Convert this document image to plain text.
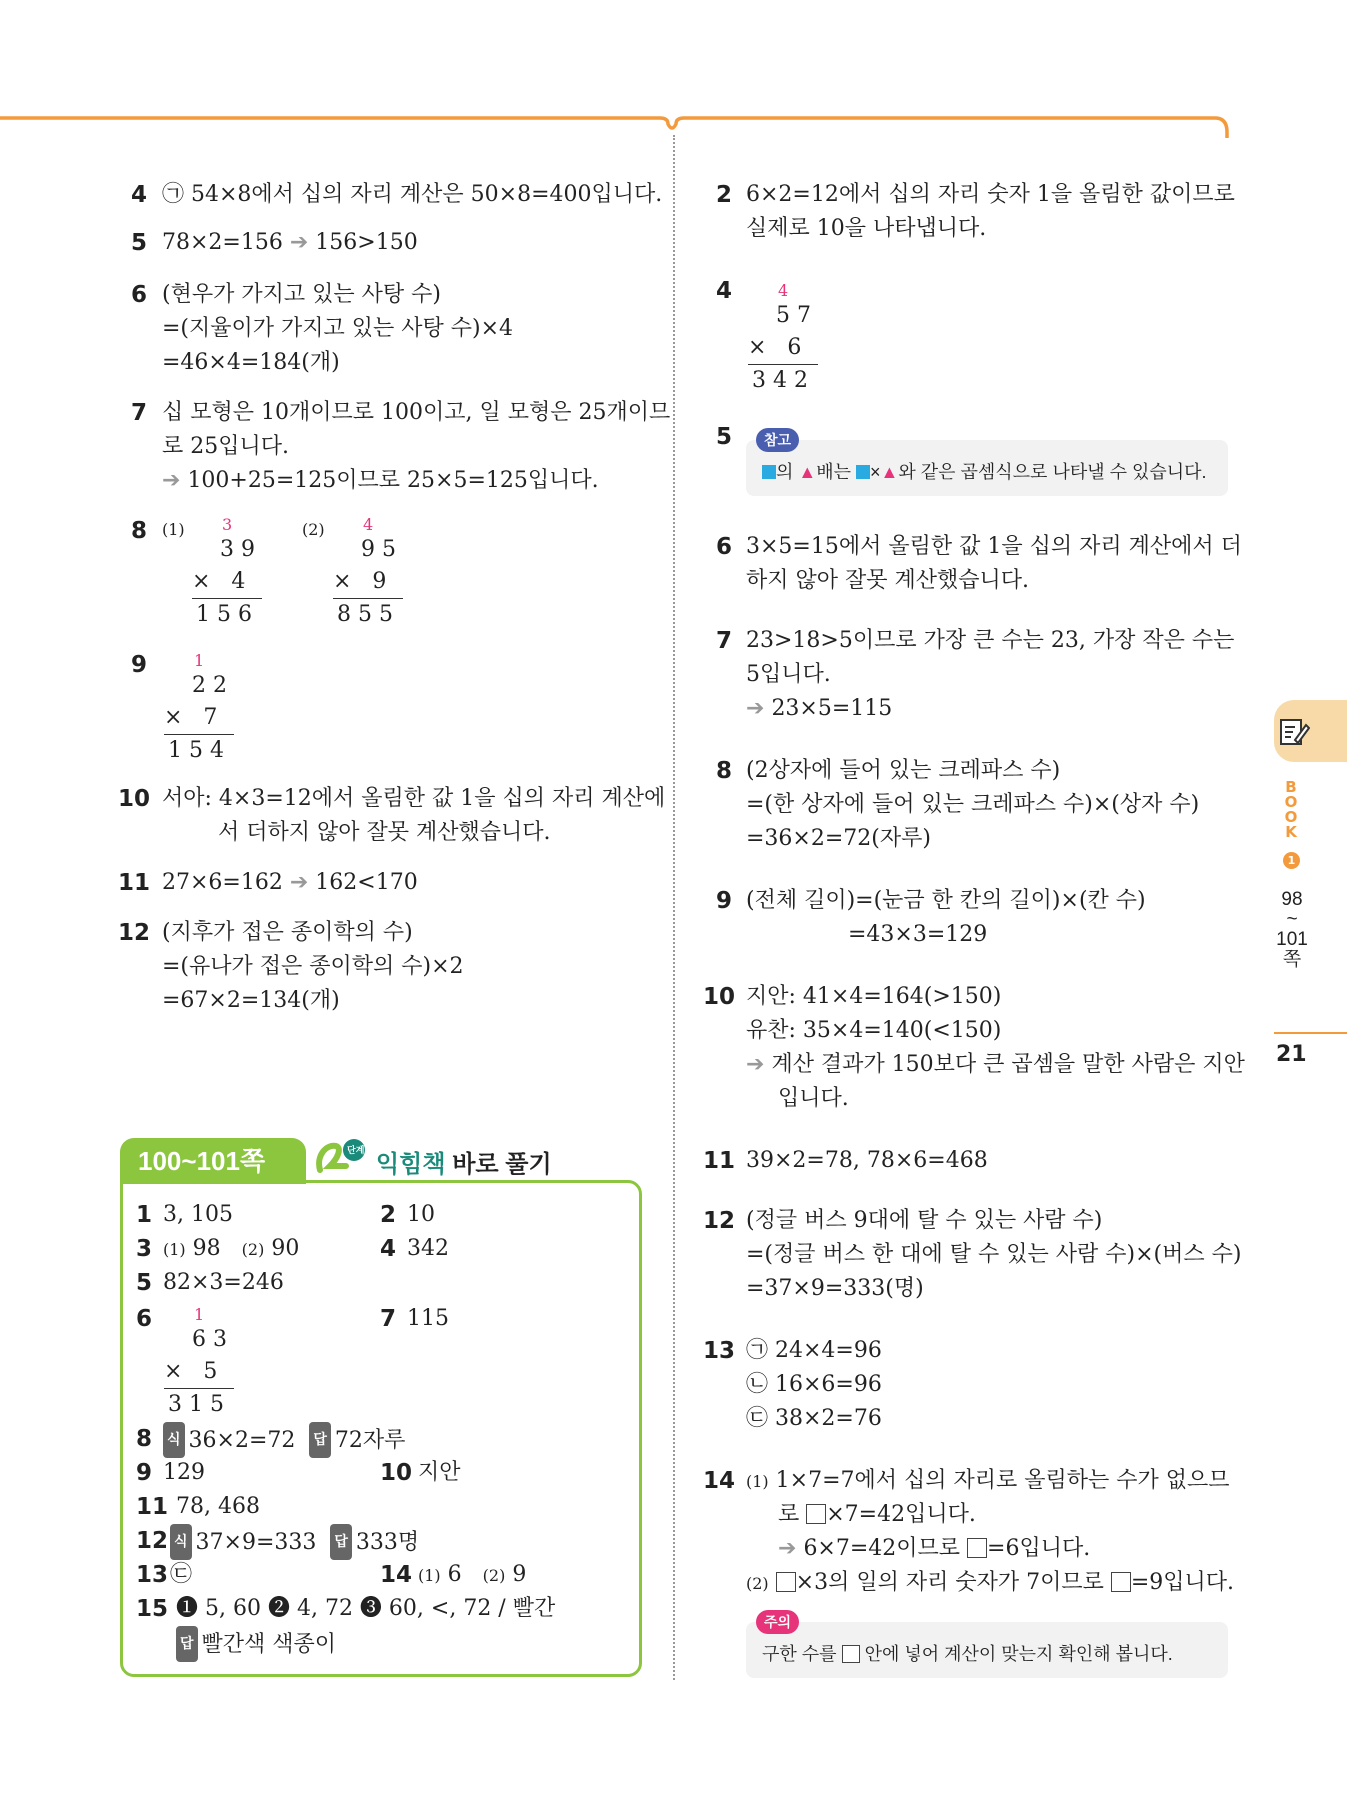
4 ㉠ 54×8에서 십의 자리 계산은 50×8=400입니다.
5 78×2=156 ➔ 156>150
6 (현우가 가지고 있는 사탕 수)
=(지율이가 가지고 있는 사탕 수)×4
=46×4=184(개)
7 십 모형은 10개이므로 100이고, 일 모형은 25개이므
로 25입니다.
➔ 100+25=125이므로 25×5=125입니다.
8 (1)	3
3 9
×   4
1 5 6
(2)	4
9 5
×   9
8 5 5
9	1
2 2
×   7
1 5 4
10 서아: 4×3=12에서 올림한 값 1을 십의 자리 계산에
서 더하지 않아 잘못 계산했습니다.
11 27×6=162 ➔ 162<170
12 (지후가 접은 종이학의 수)
=(유나가 접은 종이학의 수)×2
=67×2=134(개)
100~101쪽	단계
익힘책 바로 풀기
1 3, 105	2 10
3 (1) 98 (2) 90	4 342
5 82×3=246
6	1
6 3
×   5
3 1 5
7 115
8 식 36×2=72 답 72자루
9 129	10 지안
11 78, 468
12 식 37×9=333 답 333명
13 ㉢	14 (1) 6 (2) 9
15 ❶ 5, 60 ❷ 4, 72 ❸ 60, <, 72 / 빨간
답 빨간색 색종이
2 6×2=12에서 십의 자리 숫자 1을 올림한 값이므로
실제로 10을 나타냅니다.
4	4
5 7
×   6
3 4 2
5
의 ▲배는 ×▲와 같은 곱셈식으로 나타낼 수 있습니다.
참고
6 3×5=15에서 올림한 값 1을 십의 자리 계산에서 더
하지 않아 잘못 계산했습니다.
7 23>18>5이므로 가장 큰 수는 23, 가장 작은 수는
5입니다.
➔ 23×5=115
8 (2상자에 들어 있는 크레파스 수)
=(한 상자에 들어 있는 크레파스 수)×(상자 수)
=36×2=72(자루)
9 (전체 길이)=(눈금 한 칸의 길이)×(칸 수)
=43×3=129
10 지안: 41×4=164(>150)
유찬: 35×4=140(<150)
➔ 계산 결과가 150보다 큰 곱셈을 말한 사람은 지안
입니다.
11 39×2=78, 78×6=468
12 (정글 버스 9대에 탈 수 있는 사람 수)
=(정글 버스 한 대에 탈 수 있는 사람 수)×(버스 수)
=37×9=333(명)
13 ㉠ 24×4=96
㉡ 16×6=96
㉢ 38×2=76
14 (1) 1×7=7에서 십의 자리로 올림하는 수가 없으므
로 ×7=42입니다.
➔ 6×7=42이므로 =6입니다.
(2) ×3의 일의 자리 숫자가 7이므로 =9입니다.
구한 수를  안에 넣어 계산이 맞는지 확인해 봅니다.
주의
BOOK
1
98
~
101
쪽
21
